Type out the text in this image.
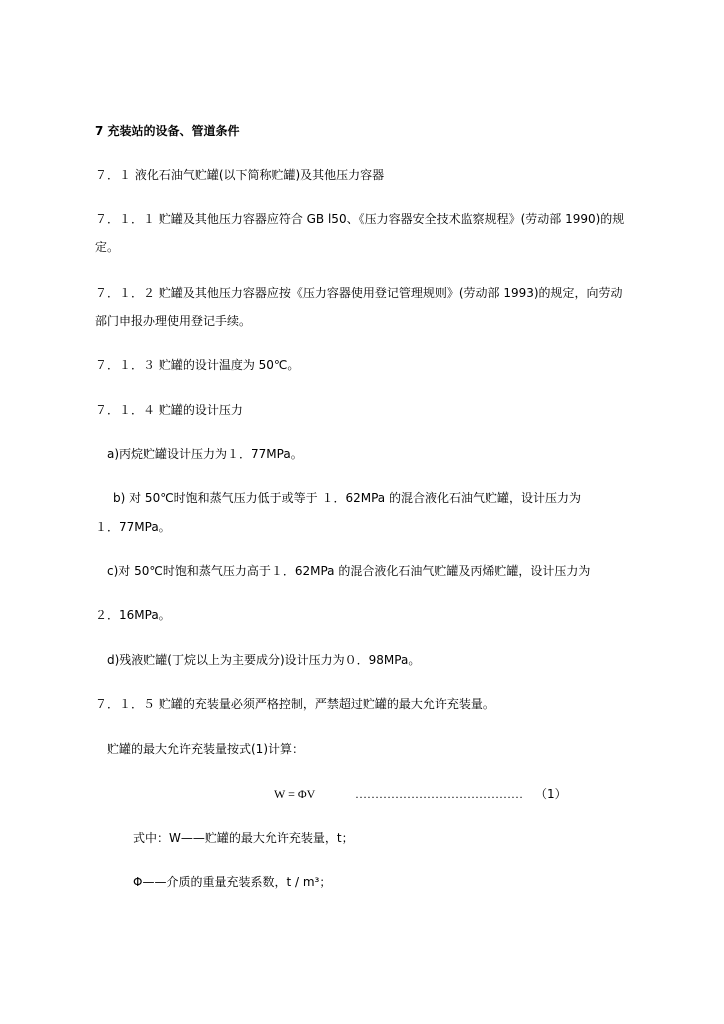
7 充装站的设备、管道条件
７．１ 液化石油气贮罐(以下简称贮罐)及其他压力容器
７．１．１ 贮罐及其他压力容器应符合 GB l50、《压力容器安全技术监察规程》(劳动部 1990)的规
定。
７．１．２ 贮罐及其他压力容器应按《压力容器使用登记管理规则》(劳动部 1993)的规定，向劳动
部门申报办理使用登记手续。
７．１．３ 贮罐的设计温度为 50℃。
７．１．４ 贮罐的设计压力
a)丙烷贮罐设计压力为１．77MPa。
b) 对 50℃时饱和蒸气压力低于或等于 １．62MPa 的混合液化石油气贮罐，设计压力为
１．77MPa。
c)对 50℃时饱和蒸气压力高于１．62MPa 的混合液化石油气贮罐及丙烯贮罐，设计压力为
２．16MPa。
d)残液贮罐(丁烷以上为主要成分)设计压力为０．98MPa。
７．１．５ 贮罐的充装量必须严格控制，严禁超过贮罐的最大允许充装量。
贮罐的最大允许充装量按式(1)计算：
W = ΦV	…………………………………… （1）
式中：W——贮罐的最大允许充装量，t；
Φ——介质的重量充装系数，t / m³；
